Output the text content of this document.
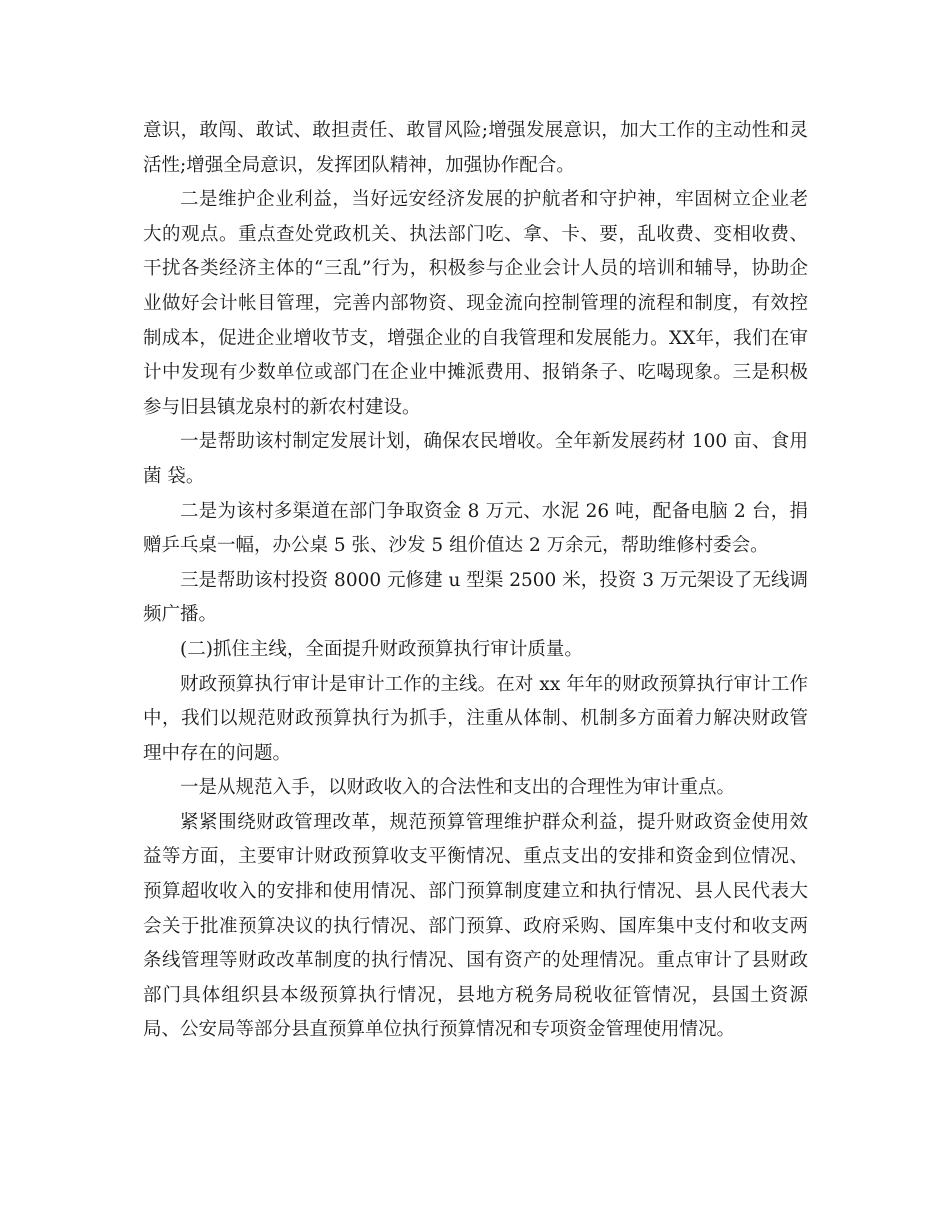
意识，敢闯、敢试、敢担责任、敢冒风险;增强发展意识，加大工作的主动性和灵活性;增强全局意识，发挥团队精神，加强协作配合。

二是维护企业利益，当好远安经济发展的护航者和守护神，牢固树立企业老大的观点。重点查处党政机关、执法部门吃、拿、卡、要，乱收费、变相收费、干扰各类经济主体的“三乱”行为，积极参与企业会计人员的培训和辅导，协助企业做好会计帐目管理，完善内部物资、现金流向控制管理的流程和制度，有效控制成本，促进企业增收节支，增强企业的自我管理和发展能力。XX年，我们在审计中发现有少数单位或部门在企业中摊派费用、报销条子、吃喝现象。三是积极参与旧县镇龙泉村的新农村建设。

一是帮助该村制定发展计划，确保农民增收。全年新发展药材 100 亩、食用菌 袋。

二是为该村多渠道在部门争取资金 8 万元、水泥 26 吨，配备电脑 2 台，捐赠乒乓桌一幅，办公桌 5 张、沙发 5 组价值达 2 万余元，帮助维修村委会。

三是帮助该村投资 8000 元修建 u 型渠 2500 米，投资 3 万元架设了无线调频广播。

(二)抓住主线，全面提升财政预算执行审计质量。

财政预算执行审计是审计工作的主线。在对 xx 年年的财政预算执行审计工作中，我们以规范财政预算执行为抓手，注重从体制、机制多方面着力解决财政管理中存在的问题。

一是从规范入手，以财政收入的合法性和支出的合理性为审计重点。

紧紧围绕财政管理改革，规范预算管理维护群众利益，提升财政资金使用效益等方面，主要审计财政预算收支平衡情况、重点支出的安排和资金到位情况、预算超收收入的安排和使用情况、部门预算制度建立和执行情况、县人民代表大会关于批准预算决议的执行情况、部门预算、政府采购、国库集中支付和收支两条线管理等财政改革制度的执行情况、国有资产的处理情况。重点审计了县财政部门具体组织县本级预算执行情况，县地方税务局税收征管情况，县国土资源局、公安局等部分县直预算单位执行预算情况和专项资金管理使用情况。
